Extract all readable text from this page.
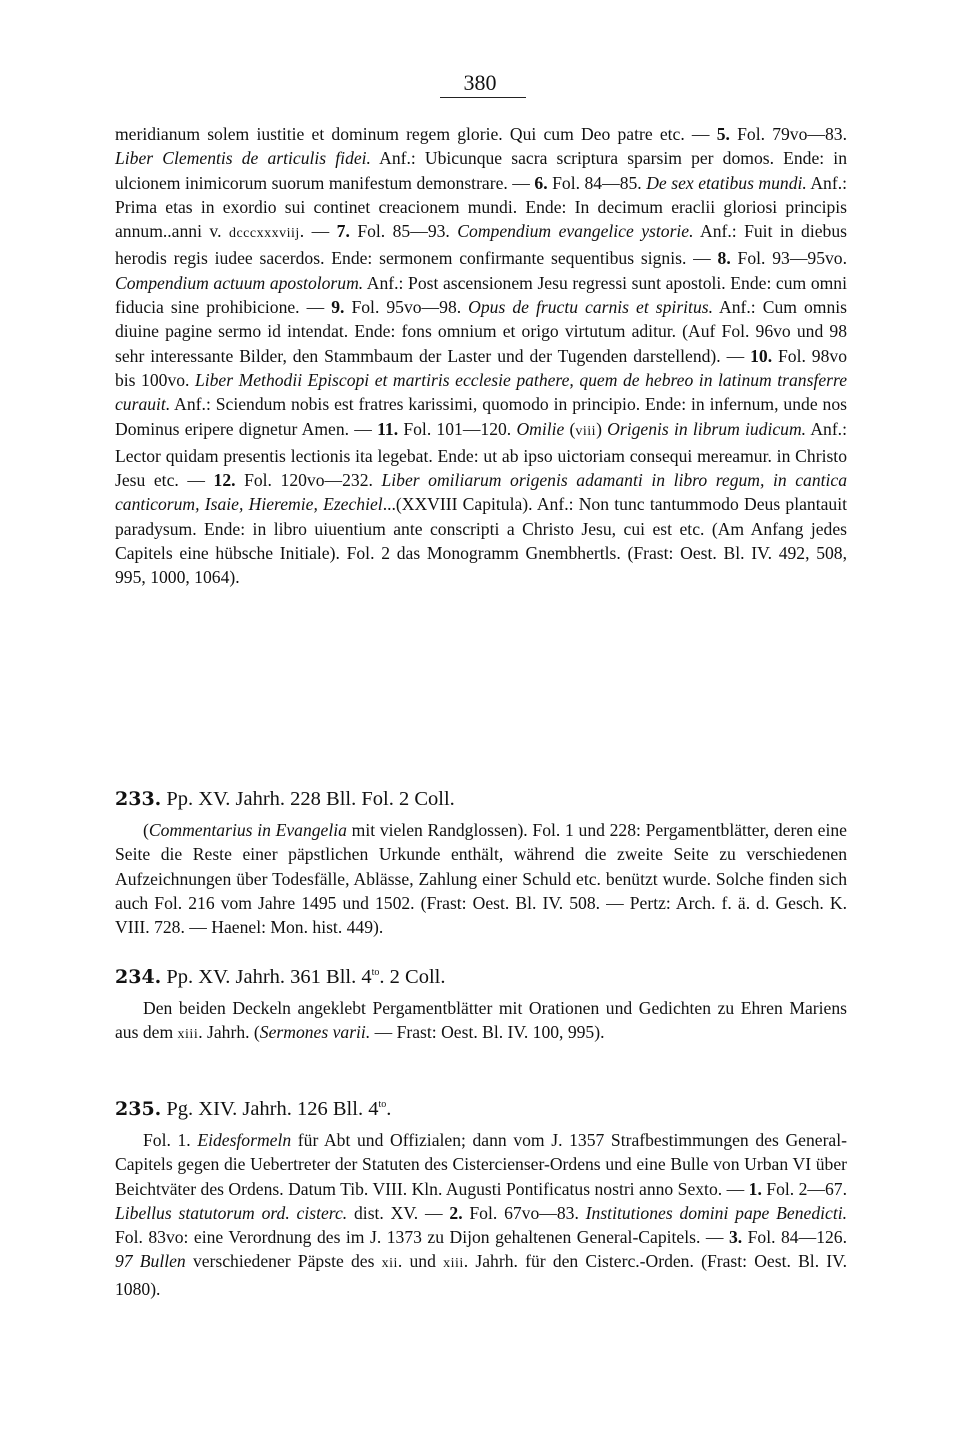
380

meridianum solem iustitie et dominum regem glorie. Qui cum Deo patre etc. — 5. Fol. 79vo—83. Liber Clementis de articulis fidei. Anf.: Ubicunque sacra scriptura sparsim per domos. Ende: in ulcionem inimicorum suorum manifestum demonstrare. — 6. Fol. 84—85. De sex etatibus mundi. Anf.: Prima etas in exordio sui continet creacionem mundi. Ende: In decimum eraclii gloriosi principis annum..anni v. dcccxxxviij. — 7. Fol. 85—93. Compendium evangelice ystorie. Anf.: Fuit in diebus herodis regis iudee sacerdos. Ende: sermonem confirmante sequentibus signis. — 8. Fol. 93—95vo. Compendium actuum apostolorum. Anf.: Post ascensionem Jesu regressi sunt apostoli. Ende: cum omni fiducia sine prohibicione. — 9. Fol. 95vo—98. Opus de fructu carnis et spiritus. Anf.: Cum omnis diuine pagine sermo id intendat. Ende: fons omnium et origo virtutum aditur. (Auf Fol. 96vo und 98 sehr interessante Bilder, den Stammbaum der Laster und der Tugenden darstellend). — 10. Fol. 98vo bis 100vo. Liber Methodii Episcopi et martiris ecclesie pathere, quem de hebreo in latinum transferre curauit. Anf.: Sciendum nobis est fratres karissimi, quomodo in principio. Ende: in infernum, unde nos Dominus eripere dignetur Amen. — 11. Fol. 101—120. Omilie (viii) Origenis in librum iudicum. Anf.: Lector quidam presentis lectionis ita legebat. Ende: ut ab ipso uictoriam consequi mereamur. in Christo Jesu etc. — 12. Fol. 120vo—232. Liber omiliarum origenis adamanti in libro regum, in cantica canticorum, Isaie, Hieremie, Ezechiel...(XXVIII Capitula). Anf.: Non tunc tantummodo Deus plantauit paradysum. Ende: in libro uiuentium ante conscripti a Christo Jesu, cui est etc. (Am Anfang jedes Capitels eine hübsche Initiale). Fol. 2 das Monogramm Gnembhertls. (Frast: Oest. Bl. IV. 492, 508, 995, 1000, 1064).

233. Pp. XV. Jahrh. 228 Bll. Fol. 2 Coll.

(Commentarius in Evangelia mit vielen Randglossen). Fol. 1 und 228: Pergamentblätter, deren eine Seite die Reste einer päpstlichen Urkunde enthält, während die zweite Seite zu verschiedenen Aufzeichnungen über Todesfälle, Ablässe, Zahlung einer Schuld etc. benützt wurde. Solche finden sich auch Fol. 216 vom Jahre 1495 und 1502. (Frast: Oest. Bl. IV. 508. — Pertz: Arch. f. ä. d. Gesch. K. VIII. 728. — Haenel: Mon. hist. 449).

234. Pp. XV. Jahrh. 361 Bll. $4^{to}$. 2 Coll.

Den beiden Deckeln angeklebt Pergamentblätter mit Orationen und Gedichten zu Ehren Mariens aus dem xiii. Jahrh. (Sermones varii. — Frast: Oest. Bl. IV. 100, 995).

235. Pg. XIV. Jahrh. 126 Bll. $4^{to}$.

Fol. 1. Eidesformeln für Abt und Offizialen; dann vom J. 1357 Strafbestimmungen des General-Capitels gegen die Uebertreter der Statuten des Cistercienser-Ordens und eine Bulle von Urban VI über Beichtväter des Ordens. Datum Tib. VIII. Kln. Augusti Pontificatus nostri anno Sexto. — 1. Fol. 2—67. Libellus statutorum ord. cisterc. dist. XV. — 2. Fol. 67vo—83. Institutiones domini pape Benedicti. Fol. 83vo: eine Verordnung des im J. 1373 zu Dijon gehaltenen General-Capitels. — 3. Fol. 84—126. 97 Bullen verschiedener Päpste des xii. und xiii. Jahrh. für den Cisterc.-Orden. (Frast: Oest. Bl. IV. 1080).
